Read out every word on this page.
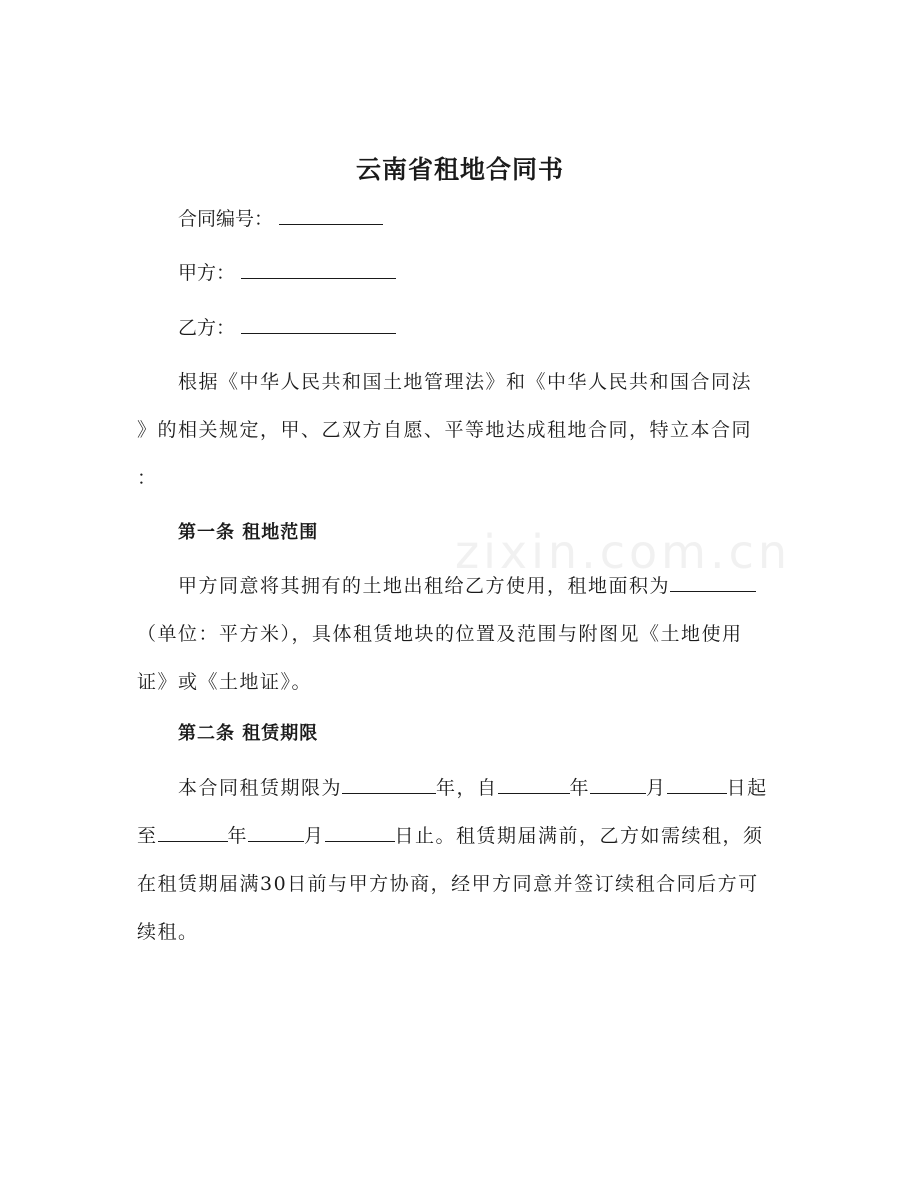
zixin.com.cn
云南省租地合同书
合同编号：
甲方：
乙方：
根据《中华人民共和国土地管理法》和《中华人民共和国合同法
》的相关规定，甲、乙双方自愿、平等地达成租地合同，特立本合同
：
第一条 租地范围
甲方同意将其拥有的土地出租给乙方使用，租地面积为
（单位：平方米），具体租赁地块的位置及范围与附图见《土地使用
证》或《土地证》。
第二条 租赁期限
本合同租赁期限为	年，自	年	月	日起
至	年	月	日止。租赁期届满前，乙方如需续租，须
在租赁期届满30日前与甲方协商，经甲方同意并签订续租合同后方可
续租。
